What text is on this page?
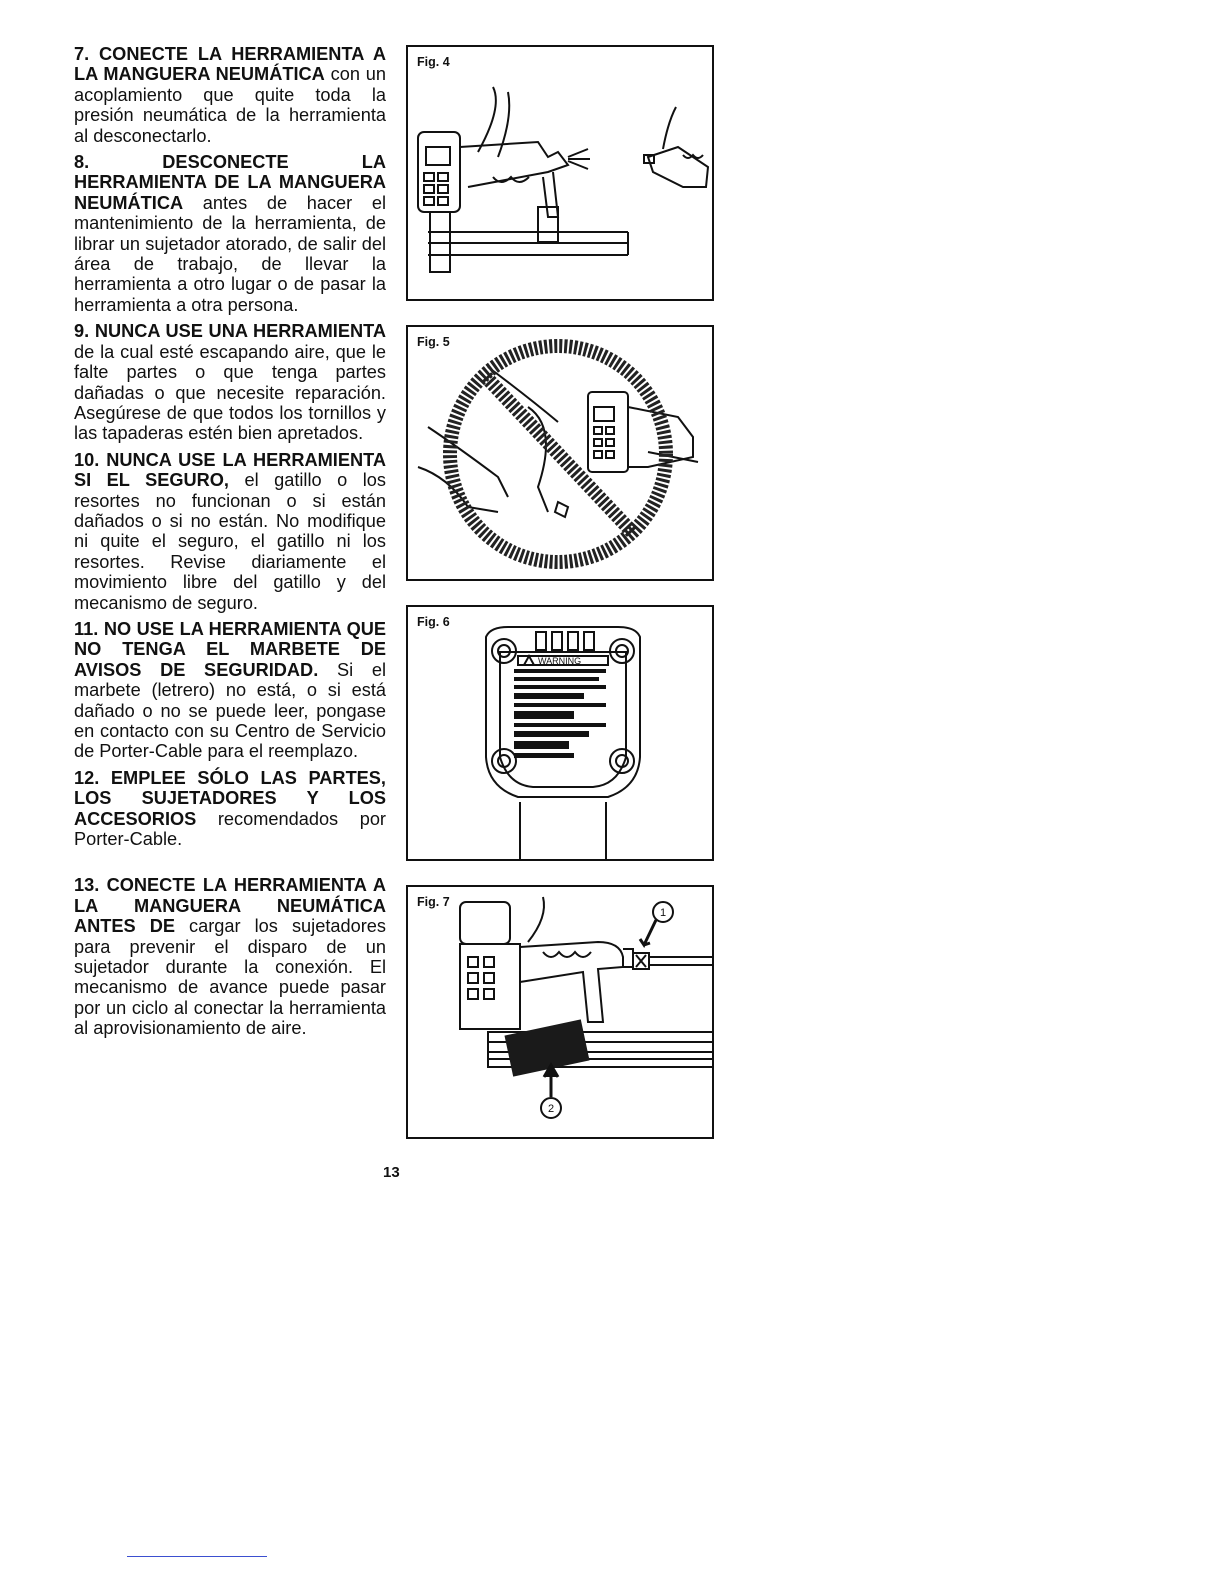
7. CONECTE LA HERRAMIENTA A LA MANGUERA NEUMÁTICA con un acoplamiento que quite toda la presión neumática de la herramienta al desconectarlo.

8. DESCONECTE LA HERRAMIENTA DE LA MANGUERA NEUMÁTICA antes de hacer el mantenimiento de la herramienta, de librar un sujetador atorado, de salir del área de trabajo, de llevar la herramienta a otro lugar o de pasar la herramienta a otra persona.

9. NUNCA USE UNA HERRAMIENTA de la cual esté escapando aire, que le falte partes o que tenga partes dañadas o que necesite reparación. Asegúrese de que todos los tornillos y las tapaderas estén bien apretados.

10. NUNCA USE LA HERRAMIENTA SI EL SEGURO, el gatillo o los resortes no funcionan o si están dañados o si no están. No modifique ni quite el seguro, el gatillo ni los resortes. Revise diariamente el movimiento libre del gatillo y del mecanismo de seguro.

11. NO USE LA HERRAMIENTA QUE NO TENGA EL MARBETE DE AVISOS DE SEGURIDAD. Si el marbete (letrero) no está, o si está dañado o no se puede leer, pongase en contacto con su Centro de Servicio de Porter-Cable para el reemplazo.

12. EMPLEE SÓLO LAS PARTES, LOS SUJETADORES Y LOS ACCESORIOS recomendados por Porter-Cable.

13. CONECTE LA HERRAMIENTA A LA MANGUERA NEUMÁTICA ANTES DE cargar los sujetadores para prevenir el disparo de un sujetador durante la conexión. El mecanismo de avance puede pasar por un ciclo al conectar la herramienta al aprovisionamiento de aire.

Fig. 4
Fig. 5
WARNING
Fig. 6
1
2
Fig. 7
13
